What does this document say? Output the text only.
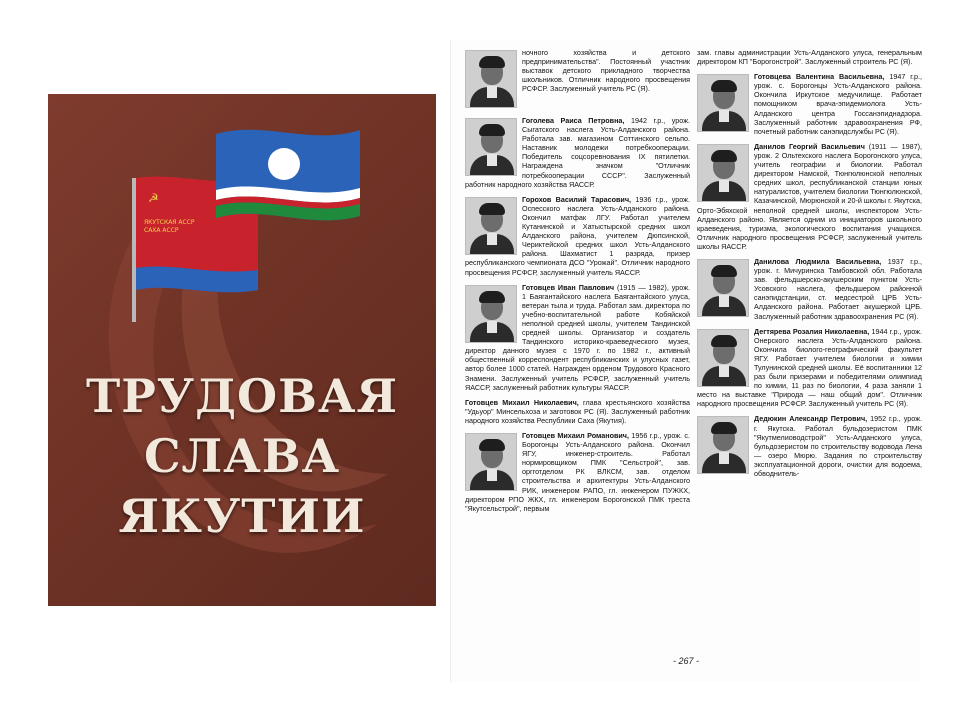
☭
ЯКУТСКАЯ АССР
САХА АССР
ТРУДОВАЯ
СЛАВА
ЯКУТИИ
ночного хозяйства и детского предпринимательства". Постоянный участник выставок детского прикладного творчества школьников. Отличник народного просвещения РСФСР. Заслуженный учитель РС (Я).
Гоголева Раиса Петровна, 1942 г.р., урож. Сыгатского наслега Усть-Алданского района. Работала зав. магазином Соттинского сельпо. Наставник молодежи потребкооперации. Победитель соцсоревнования IX пятилетки. Награждена значком "Отличник потребкооперации СССР". Заслуженный работник народного хозяйства ЯАССР.
Горохов Василий Тарасович, 1936 г.р., урож. Оспесского наслега Усть-Алданского района. Окончил матфак ЛГУ. Работал учителем Кутанинской и Хатыстырской средних школ Алданского района, учителем Дюпсинской, Чериктейской средних школ Усть-Алданского района. Шахматист 1 разряда, призер республиканского чемпионата ДСО "Урожай". Отличник народного просвещения РСФСР, заслуженный учитель ЯАССР.
Готовцев Иван Павлович (1915 — 1982), урож. 1 Баягантайского наслега Баягантайского улуса, ветеран тыла и труда. Работал зам. директора по учебно-воспитательной работе Кобяйской неполной средней школы, учителем Тандинской средней школы. Организатор и создатель Тандинского историко-краеведческого музея, директор данного музея с 1970 г. по 1982 г., активный общественный корреспондент республиканских и улусных газет, автор более 1000 статей. Награжден орденом Трудового Красного Знамени. Заслуженный учитель РСФСР, заслуженный учитель ЯАССР, заслуженный работник культуры ЯАССР.
Готовцев Михаил Николаевич, глава крестьянского хозяйства "Удьуор" Минсельхоза и заготовок РС (Я). Заслуженный работник народного хозяйства Республики Саха (Якутия).
Готовцев Михаил Романович, 1956 г.р., урож. с. Борогонцы Усть-Алданского района. Окончил ЯГУ, инженер-строитель. Работал нормировщиком ПМК "Сельстрой", зав. оргготделом РК ВЛКСМ, зав. отделом строительства и архитектуры Усть-Алданского РИК, инженером РАПО, гл. инженером ПУЖКХ, директором РПО ЖКХ, гл. инженером Борогонской ПМК треста "Якутсельстрой", первым
зам. главы администрации Усть-Алданского улуса, генеральным директором КП "Борогонстрой". Заслуженный строитель РС (Я).
Готовцева Валентина Васильевна, 1947 г.р., урож. с. Борогонцы Усть-Алданского района. Окончила Иркутское медучилище. Работает помощником врача-эпидемиолога Усть-Алданского центра Госсанэпиднадзора. Заслуженный работник здравоохранения РФ, почетный работник санэпидслужбы РС (Я).
Данилов Георгий Васильевич (1911 — 1987), урож. 2 Ольтехского наслега Борогонского улуса, учитель географии и биологии. Работал директором Намской, Тюнгюлюнской неполных средних школ, республиканской станции юных натуралистов, учителем биологии Тюнгюлюнской, Казачинской, Мюрюнской и 20-й школы г. Якутска, Орто-Эбяхской неполной средней школы, инспектором Усть-Алданского районо. Является одним из инициаторов школьного краеведения, туризма, экологического воспитания учащихся. Отличник народного просвещения РСФСР, заслуженный учитель школы ЯАССР.
Данилова Людмила Васильевна, 1937 г.р., урож. г. Мичуринска Тамбовской обл. Работала зав. фельдшерско-акушерским пунктом Усть-Усовского наслега, фельдшером районной санэпидстанции, ст. медсестрой ЦРБ Усть-Алданского района. Работает акушеркой ЦРБ. Заслуженный работник здравоохранения РС (Я).
Дегтярева Розалия Николаевна, 1944 г.р., урож. Онерского наслега Усть-Алданского района. Окончила биолого-географический факультет ЯГУ. Работает учителем биологии и химии Тулунинской средней школы. Её воспитанники 12 раз были призерами и победителями олимпиад по химии, 11 раз по биологии, 4 раза заняли 1 место на выставке "Природа — наш общий дом". Отличник народного просвещения РСФСР. Заслуженный учитель РС (Я).
Дедюкин Александр Петрович, 1952 г.р., урож. г. Якутска. Работал бульдозеристом ПМК "Якутмелиоводстрой" Усть-Алданского улуса, бульдозеристом по строительству водовода Лена — озеро Мюрю. Задания по строительству эксплуатационной дороги, очистки для водоема, обводнитель-
- 267 -
